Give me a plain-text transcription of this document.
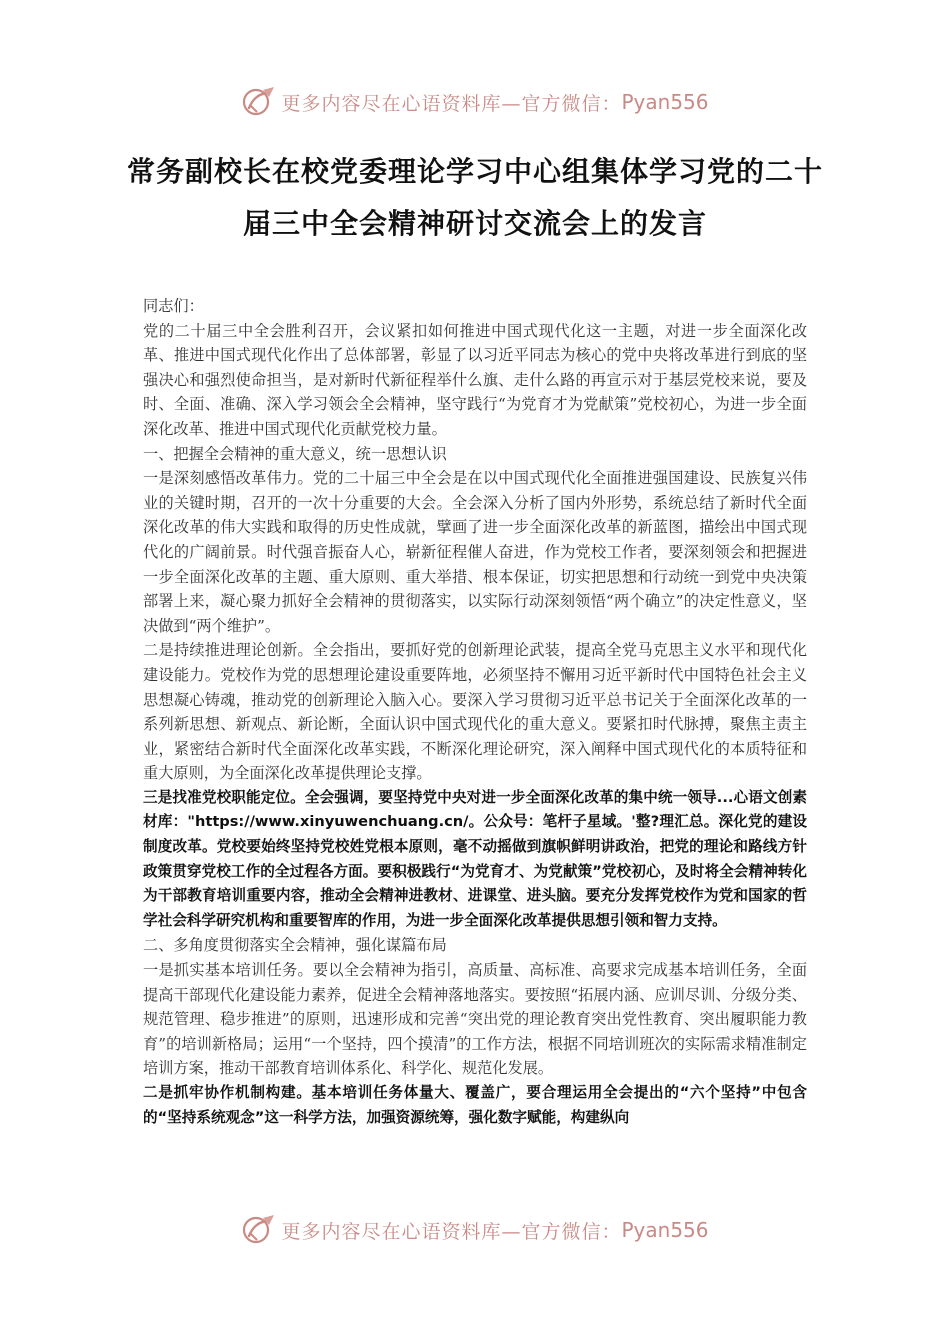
更多内容尽在心语资料库—官方微信： Pyan556
常务副校长在校党委理论学习中心组集体学习党的二十届三中全会精神研讨交流会上的发言

同志们：

党的二十届三中全会胜利召开，会议紧扣如何推进中国式现代化这一主题，对进一步全面深化改革、推进中国式现代化作出了总体部署，彰显了以习近平同志为核心的党中央将改革进行到底的坚强决心和强烈使命担当，是对新时代新征程举什么旗、走什么路的再宣示对于基层党校来说，要及时、全面、准确、深入学习领会全会精神，坚守践行“为党育才为党献策”党校初心，为进一步全面深化改革、推进中国式现代化贡献党校力量。

一、把握全会精神的重大意义，统一思想认识

一是深刻感悟改革伟力。党的二十届三中全会是在以中国式现代化全面推进强国建设、民族复兴伟业的关键时期，召开的一次十分重要的大会。全会深入分析了国内外形势，系统总结了新时代全面深化改革的伟大实践和取得的历史性成就，擘画了进一步全面深化改革的新蓝图，描绘出中国式现代化的广阔前景。时代强音振奋人心，崭新征程催人奋进，作为党校工作者，要深刻领会和把握进一步全面深化改革的主题、重大原则、重大举措、根本保证，切实把思想和行动统一到党中央决策部署上来，凝心聚力抓好全会精神的贯彻落实，以实际行动深刻领悟“两个确立”的决定性意义，坚决做到“两个维护”。

二是持续推进理论创新。全会指出，要抓好党的创新理论武装，提高全党马克思主义水平和现代化建设能力。党校作为党的思想理论建设重要阵地，必须坚持不懈用习近平新时代中国特色社会主义思想凝心铸魂，推动党的创新理论入脑入心。要深入学习贯彻习近平总书记关于全面深化改革的一系列新思想、新观点、新论断，全面认识中国式现代化的重大意义。要紧扣时代脉搏，聚焦主责主业，紧密结合新时代全面深化改革实践，不断深化理论研究，深入阐释中国式现代化的本质特征和重大原则，为全面深化改革提供理论支撑。

三是找准党校职能定位。全会强调，要坚持党中央对进一步全面深化改革的集中统一领导...心语文创素材库："https://www.xinyuwenchuang.cn/。公众号：笔杆子星域。'整?理汇总。深化党的建设制度改革。党校要始终坚持党校姓党根本原则，毫不动摇做到旗帜鲜明讲政治，把党的理论和路线方针政策贯穿党校工作的全过程各方面。要积极践行“为党育才、为党献策”党校初心，及时将全会精神转化为干部教育培训重要内容，推动全会精神进教材、进课堂、进头脑。要充分发挥党校作为党和国家的哲学社会科学研究机构和重要智库的作用，为进一步全面深化改革提供思想引领和智力支持。

二、多角度贯彻落实全会精神，强化谋篇布局

一是抓实基本培训任务。要以全会精神为指引，高质量、高标准、高要求完成基本培训任务，全面提高干部现代化建设能力素养，促进全会精神落地落实。要按照“拓展内涵、应训尽训、分级分类、规范管理、稳步推进”的原则，迅速形成和完善“突出党的理论教育突出党性教育、突出履职能力教育”的培训新格局；运用“一个坚持，四个摸清”的工作方法，根据不同培训班次的实际需求精准制定培训方案，推动干部教育培训体系化、科学化、规范化发展。

二是抓牢协作机制构建。基本培训任务体量大、覆盖广，要合理运用全会提出的“六个坚持”中包含的“坚持系统观念”这一科学方法，加强资源统筹，强化数字赋能，构建纵向

更多内容尽在心语资料库—官方微信： Pyan556
